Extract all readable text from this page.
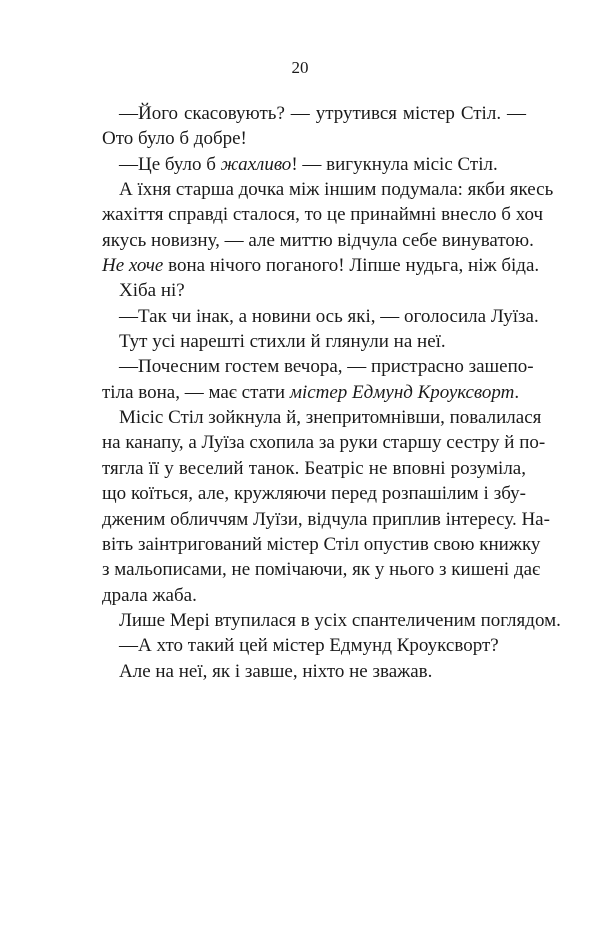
20
—Його скасовують? — утрутився містер Стіл. —
Ото було б добре!
—Це було б жахливо! — вигукнула місіс Стіл.
А їхня старша дочка між іншим подумала: якби якесь
жахіття справді сталося, то це принаймні внесло б хоч
якусь новизну, — але миттю відчула себе винуватою.
Не хоче вона нічого поганого! Ліпше нудьга, ніж біда.
Хіба ні?
—Так чи інак, а новини ось які, — оголосила Луїза.
Тут усі нарешті стихли й глянули на неї.
—Почесним гостем вечора, — пристрасно зашепо-
тіла вона, — має стати містер Едмунд Кроуксворт.
Місіс Стіл зойкнула й, знепритомнівши, повалилася
на канапу, а Луїза схопила за руки старшу сестру й по-
тягла її у веселий танок. Беатріс не вповні розуміла,
що коїться, але, кружляючи перед розпашілим і збу-
дженим обличчям Луїзи, відчула приплив інтересу. На-
віть заінтригований містер Стіл опустив свою книжку
з мальописами, не помічаючи, як у нього з кишені дає
драла жаба.
Лише Мері втупилася в усіх спантеличеним поглядом.
—А хто такий цей містер Едмунд Кроуксворт?
Але на неї, як і завше, ніхто не зважав.
